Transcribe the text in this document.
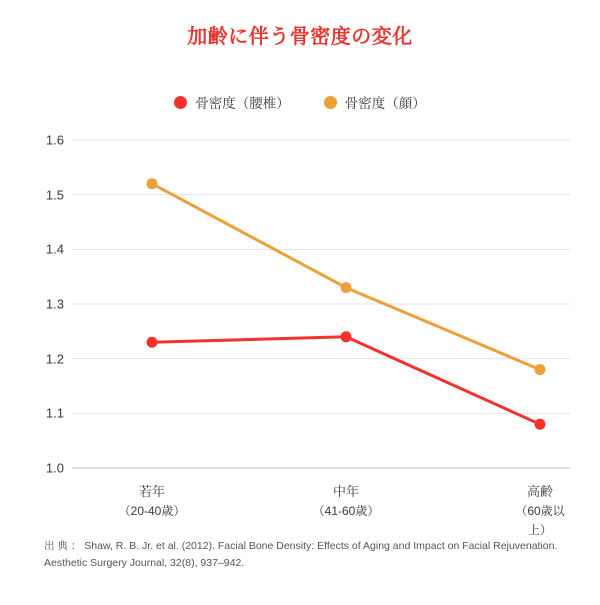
加齢に伴う骨密度の変化
骨密度（腰椎）	骨密度（顔）
1.0
1.1
1.2
1.3
1.4
1.5
1.6
若年
（20-40歳）
中年
（41-60歳）
高齢
（60歳以上）
出 典 ： Shaw, R. B. Jr. et al. (2012). Facial Bone Density: Effects of Aging and Impact on Facial Rejuvenation. Aesthetic Surgery Journal, 32(8), 937–942.
